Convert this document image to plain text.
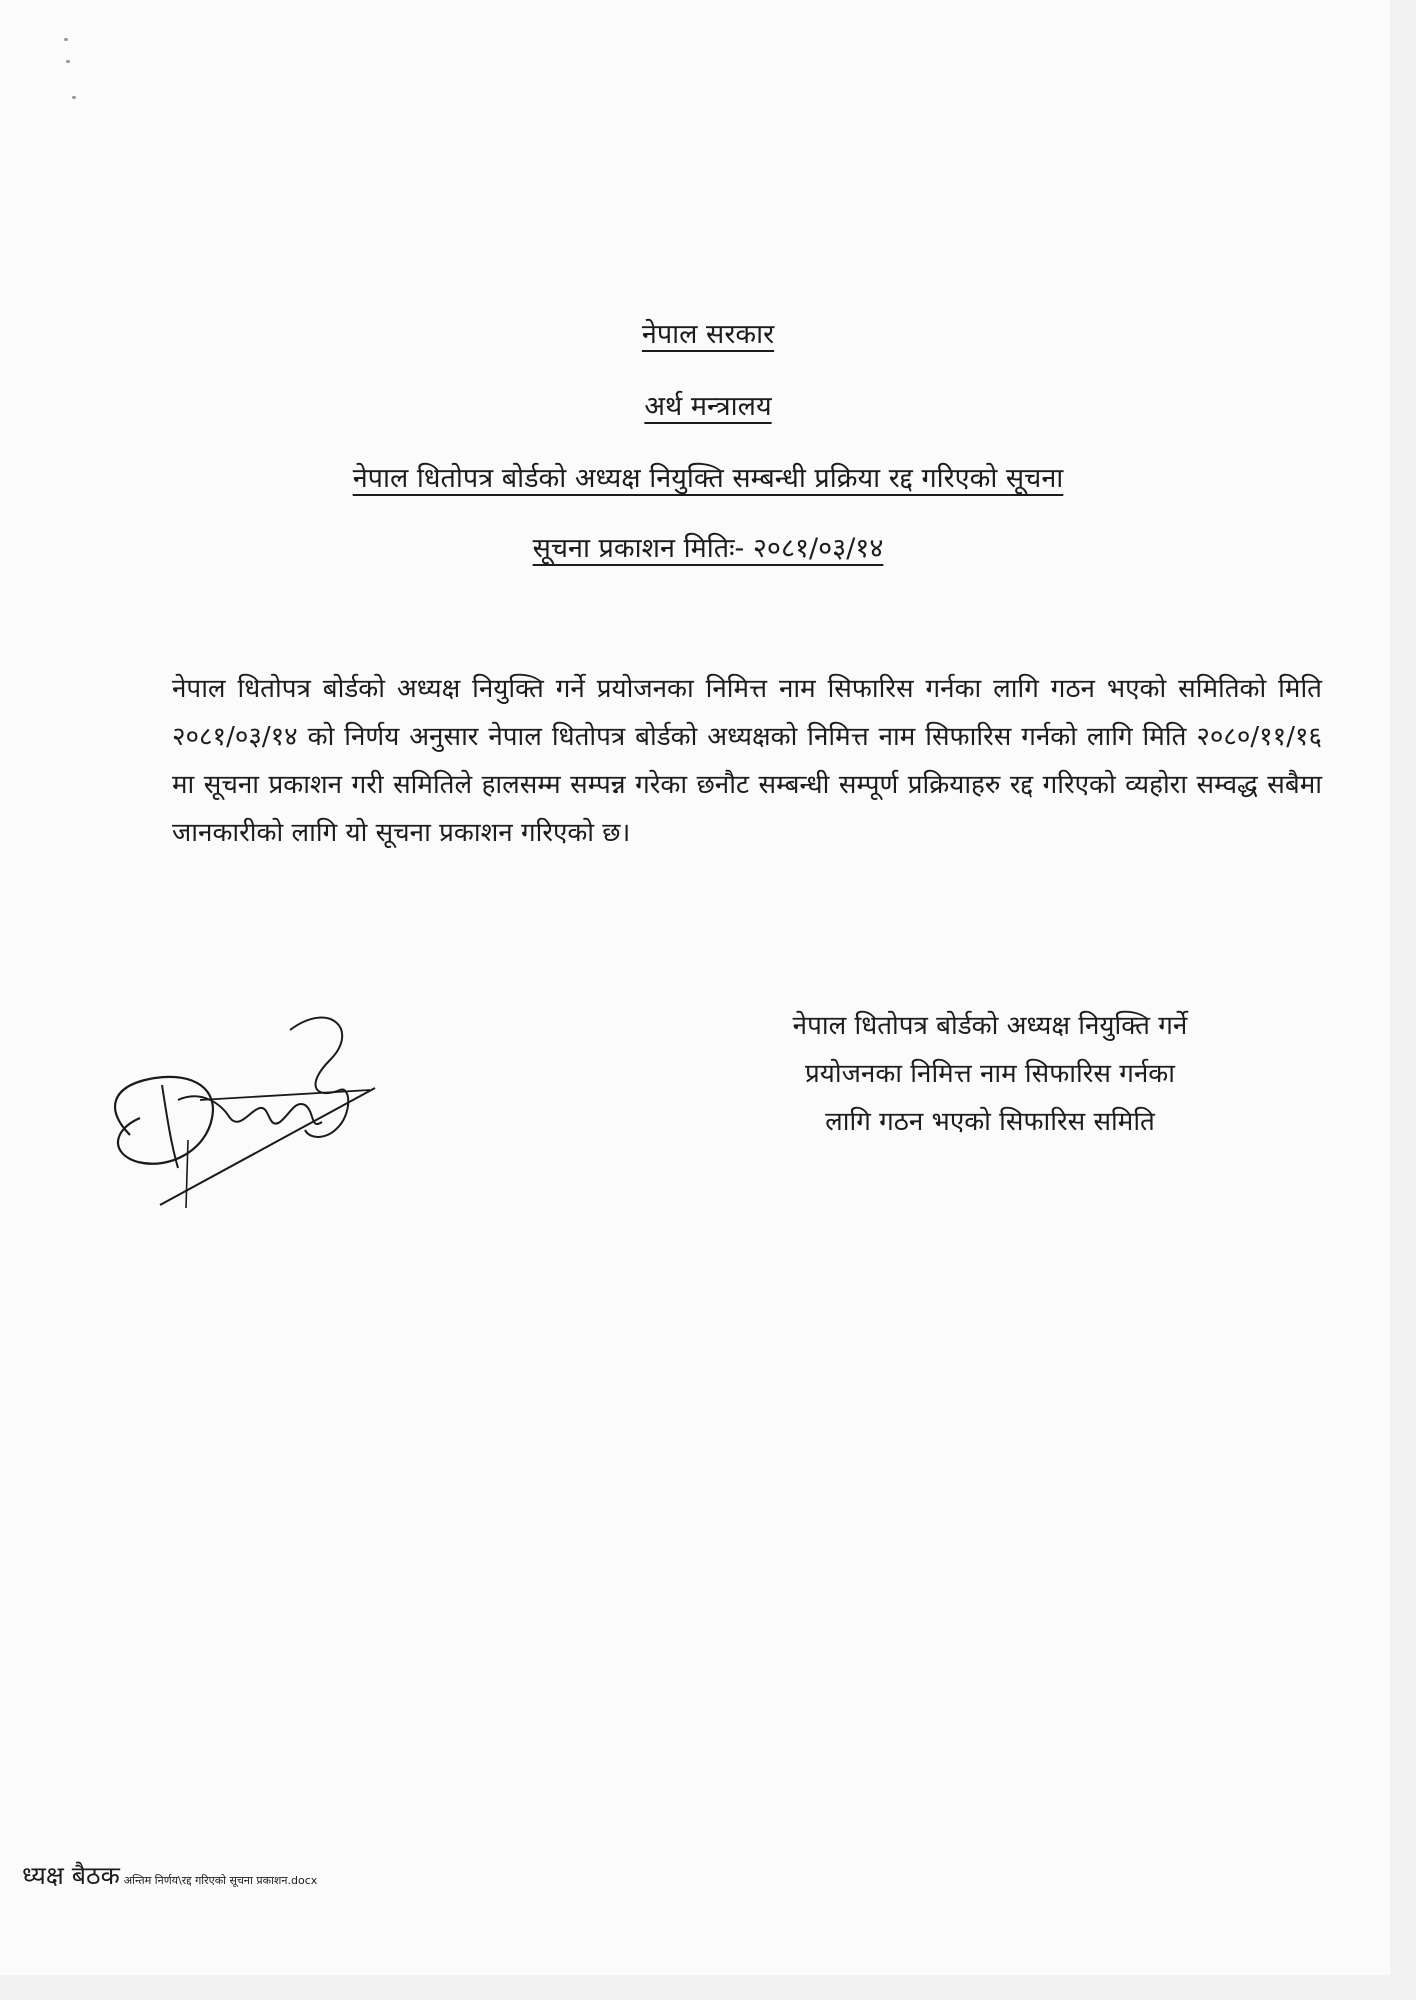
नेपाल सरकार
अर्थ मन्त्रालय
नेपाल धितोपत्र बोर्डको अध्यक्ष नियुक्ति सम्बन्धी प्रक्रिया रद्द गरिएको सूचना
सूचना प्रकाशन मितिः- २०८१/०३/१४
नेपाल धितोपत्र बोर्डको अध्यक्ष नियुक्ति गर्ने प्रयोजनका निमित्त नाम सिफारिस गर्नका लागि गठन भएको समितिको मिति २०८१/०३/१४ को निर्णय अनुसार नेपाल धितोपत्र बोर्डको अध्यक्षको निमित्त नाम सिफारिस गर्नको लागि मिति २०८०/११/१६ मा सूचना प्रकाशन गरी समितिले हालसम्म सम्पन्न गरेका छनौट सम्बन्धी सम्पूर्ण प्रक्रियाहरु रद्द गरिएको व्यहोरा सम्वद्ध सबैमा जानकारीको लागि यो सूचना प्रकाशन गरिएको छ।
नेपाल धितोपत्र बोर्डको अध्यक्ष नियुक्ति गर्ने
प्रयोजनका निमित्त नाम सिफारिस गर्नका
लागि गठन भएको सिफारिस समिति
ध्यक्ष बैठक अन्तिम निर्णय\रद्द गरिएको सूचना प्रकाशन.docx
